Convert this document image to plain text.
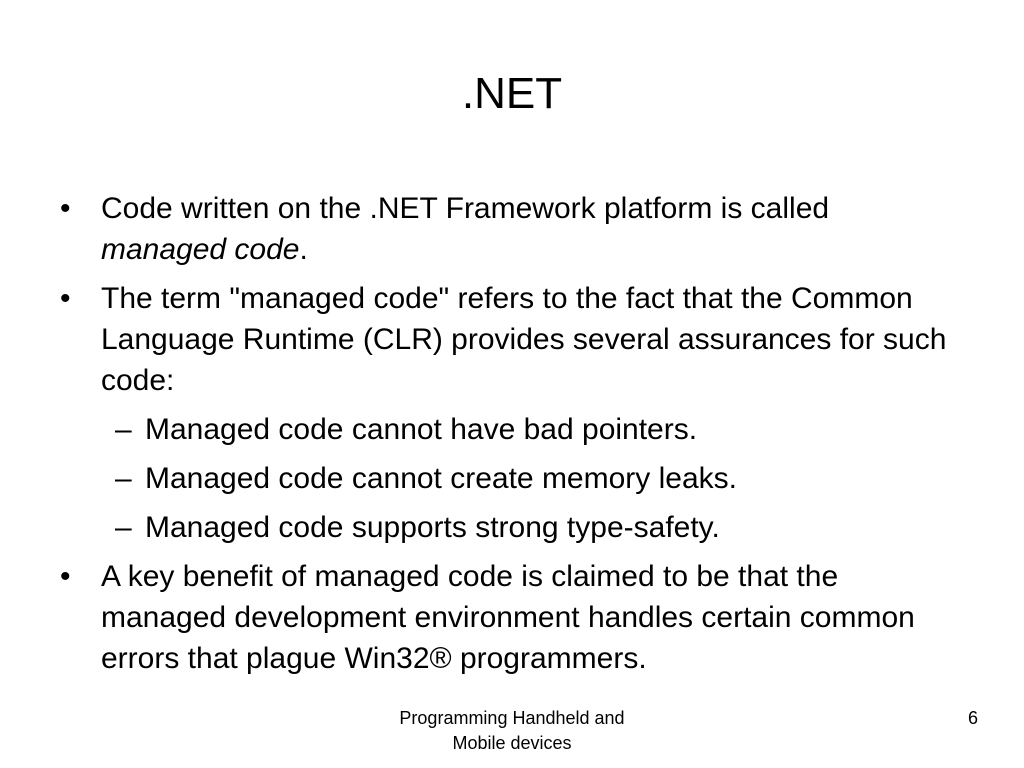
.NET
• Code written on the .NET Framework platform is called managed code.
• The term "managed code" refers to the fact that the Common Language Runtime (CLR) provides several assurances for such code:
– Managed code cannot have bad pointers.
– Managed code cannot create memory leaks.
– Managed code supports strong type-safety.
• A key benefit of managed code is claimed to be that the managed development environment handles certain common errors that plague Win32® programmers.
Programming Handheld and
Mobile devices
6
